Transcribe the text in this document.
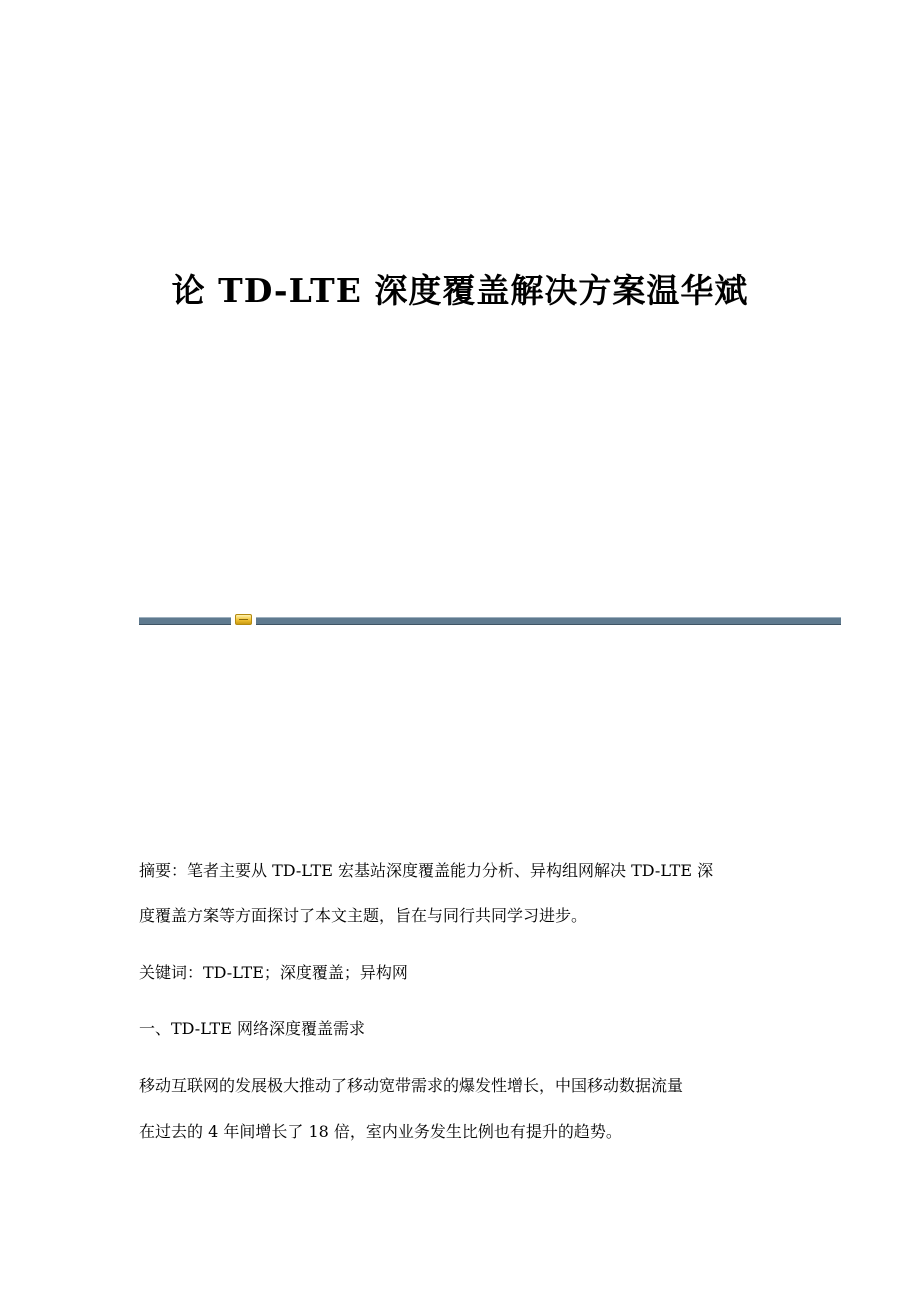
论 TD-LTE 深度覆盖解决方案温华斌
摘要：笔者主要从 TD-LTE 宏基站深度覆盖能力分析、异构组网解决 TD-LTE 深
度覆盖方案等方面探讨了本文主题，旨在与同行共同学习进步。
关键词：TD-LTE；深度覆盖；异构网
一、TD-LTE 网络深度覆盖需求
移动互联网的发展极大推动了移动宽带需求的爆发性增长，中国移动数据流量
在过去的 4 年间增长了 18 倍，室内业务发生比例也有提升的趋势。
